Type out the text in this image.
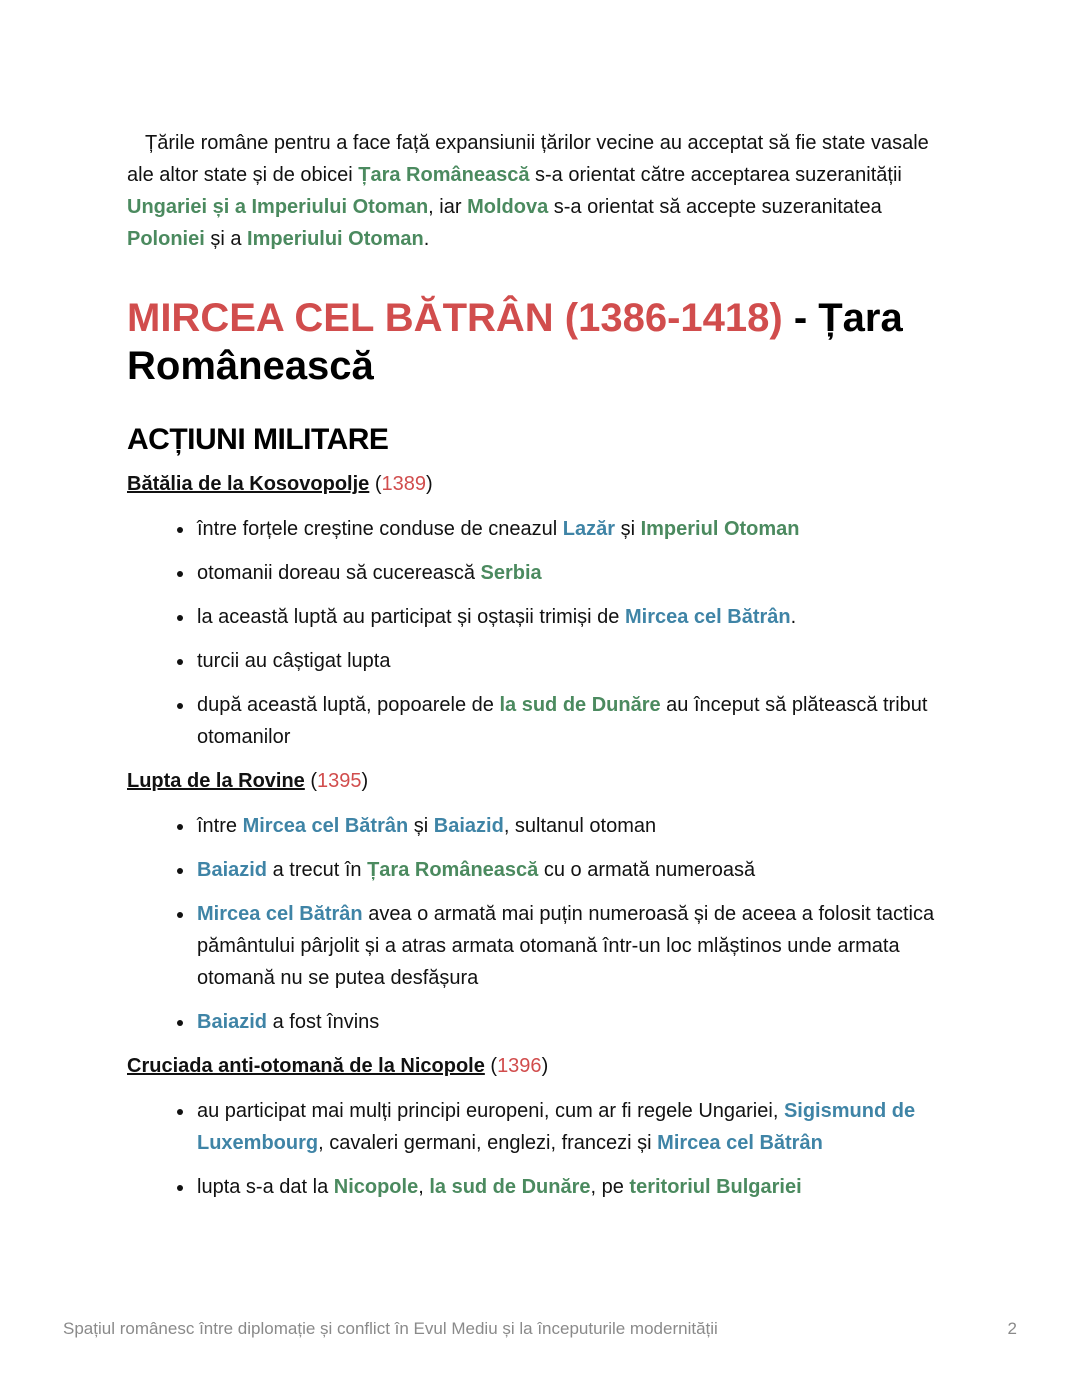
Țările române pentru a face față expansiunii țărilor vecine au acceptat să fie state vasale ale altor state și de obicei Țara Românească s-a orientat către acceptarea suzeranității Ungariei și a Imperiului Otoman, iar Moldova s-a orientat să accepte suzeranitatea Poloniei și a Imperiului Otoman.

MIRCEA CEL BĂTRÂN (1386-1418) - Țara Românească
ACȚIUNI MILITARE
Bătălia de la Kosovopolje (1389)
între forțele creștine conduse de cneazul Lazăr și Imperiul Otoman
otomanii doreau să cucerească Serbia
la această luptă au participat și oștașii trimiși de Mircea cel Bătrân.
turcii au câștigat lupta
după această luptă, popoarele de la sud de Dunăre au început să plătească tribut otomanilor
Lupta de la Rovine (1395)
între Mircea cel Bătrân și Baiazid, sultanul otoman
Baiazid a trecut în Țara Românească cu o armată numeroasă
Mircea cel Bătrân avea o armată mai puțin numeroasă și de aceea a folosit tactica pământului pârjolit și a atras armata otomană într-un loc mlăștinos unde armata otomană nu se putea desfășura
Baiazid a fost învins
Cruciada anti-otomană de la Nicopole (1396)
au participat mai mulți principi europeni, cum ar fi regele Ungariei, Sigismund de Luxembourg, cavaleri germani, englezi, francezi și Mircea cel Bătrân
lupta s-a dat la Nicopole, la sud de Dunăre, pe teritoriul Bulgariei
Spațiul românesc între diplomație și conflict în Evul Mediu și la începuturile modernității	2
